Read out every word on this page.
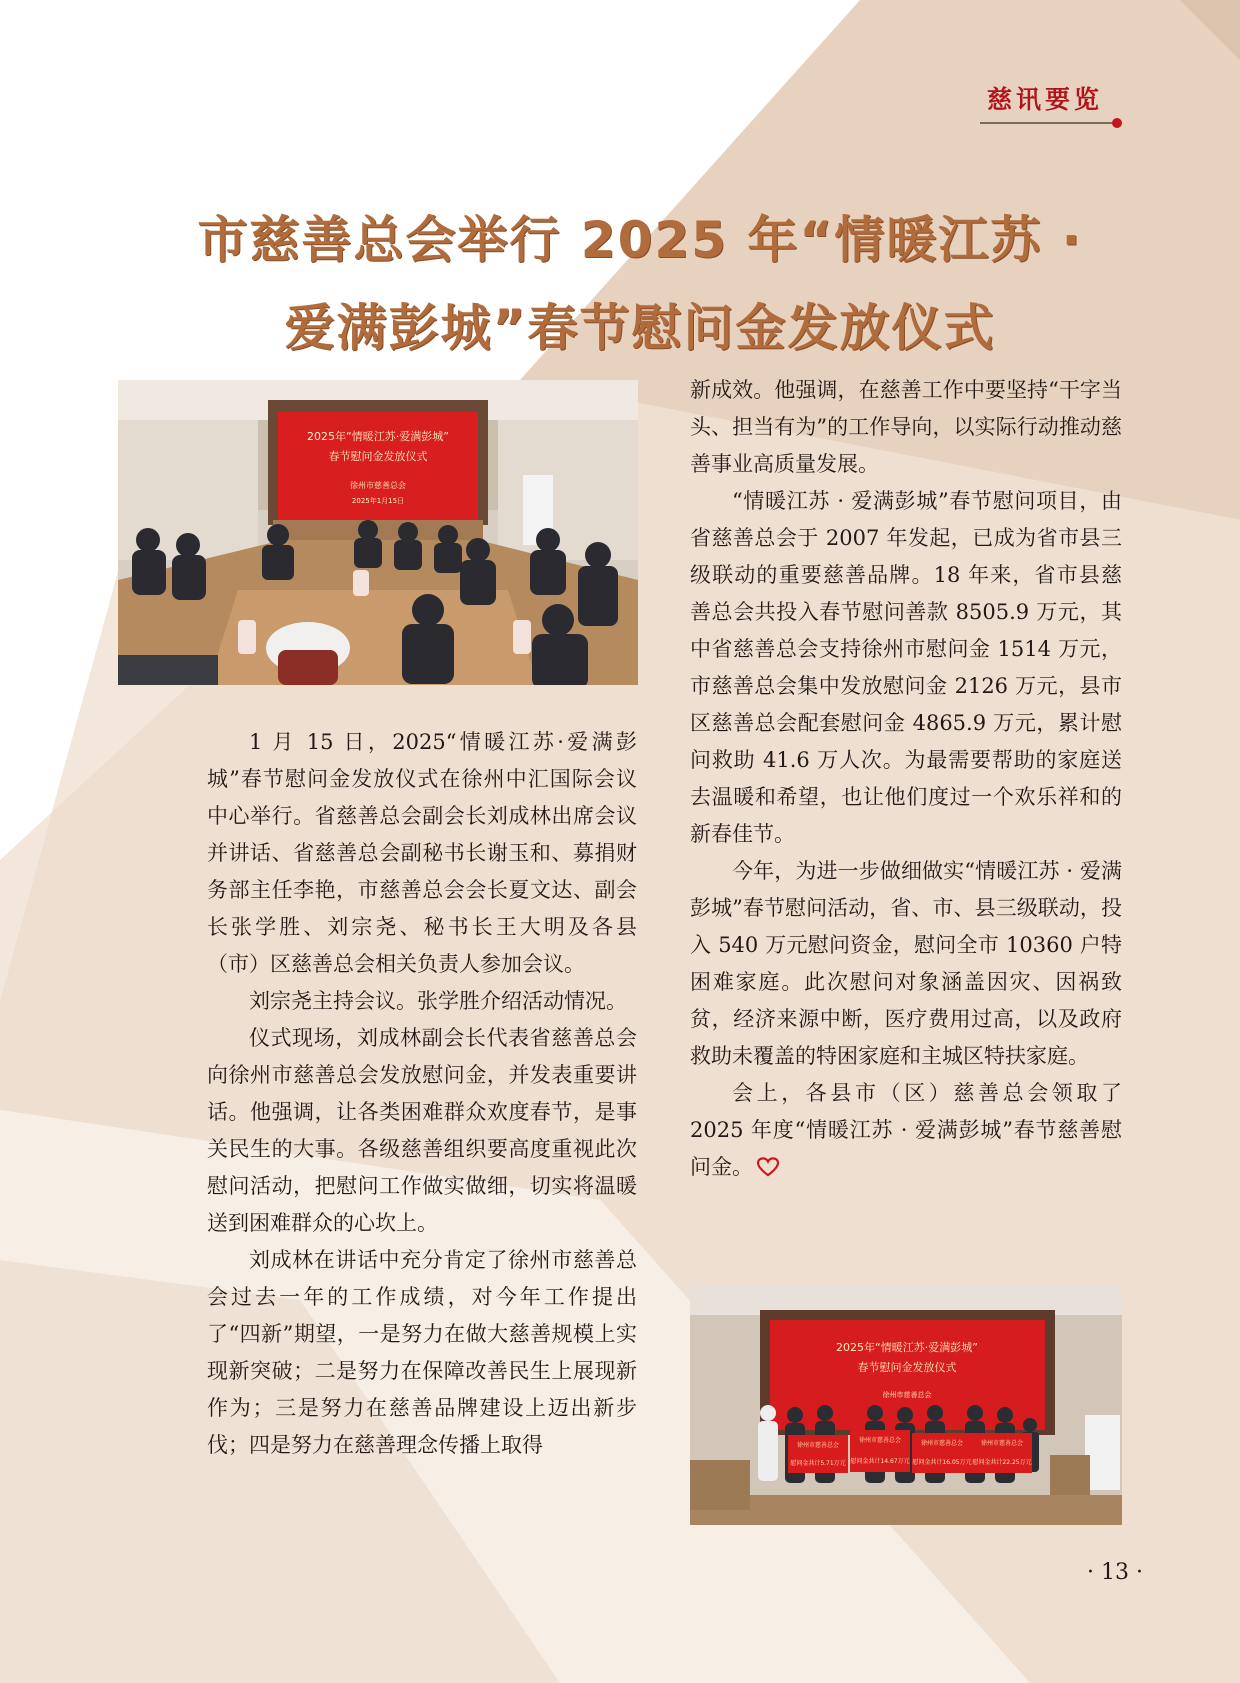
慈讯要览
市慈善总会举行 2025 年“情暖江苏 ·
爱满彭城”春节慰问金发放仪式
2025年“情暖江苏·爱满彭城”
春节慰问金发放仪式
徐州市慈善总会
2025年1月15日
2025年“情暖江苏·爱满彭城”
春节慰问金发放仪式
徐州市慈善总会
徐州市慈善总会
慰问金共计5.71万元
徐州市慈善总会
慰问金共计14.67万元
徐州市慈善总会
慰问金共计16.05万元
徐州市慈善总会
慰问金共计22.25万元

1 月 15 日，2025“情暖江苏·爱满彭城”春节慰问金发放仪式在徐州中汇国际会议中心举行。省慈善总会副会长刘成林出席会议并讲话、省慈善总会副秘书长谢玉和、募捐财务部主任李艳，市慈善总会会长夏文达、副会长张学胜、刘宗尧、秘书长王大明及各县（市）区慈善总会相关负责人参加会议。

刘宗尧主持会议。张学胜介绍活动情况。

仪式现场，刘成林副会长代表省慈善总会向徐州市慈善总会发放慰问金，并发表重要讲话。他强调，让各类困难群众欢度春节，是事关民生的大事。各级慈善组织要高度重视此次慰问活动，把慰问工作做实做细，切实将温暖送到困难群众的心坎上。

刘成林在讲话中充分肯定了徐州市慈善总会过去一年的工作成绩，对今年工作提出了“四新”期望，一是努力在做大慈善规模上实现新突破；二是努力在保障改善民生上展现新作为；三是努力在慈善品牌建设上迈出新步伐；四是努力在慈善理念传播上取得

新成效。他强调，在慈善工作中要坚持“干字当头、担当有为”的工作导向，以实际行动推动慈善事业高质量发展。

“情暖江苏 · 爱满彭城”春节慰问项目，由省慈善总会于 2007 年发起，已成为省市县三级联动的重要慈善品牌。18 年来，省市县慈善总会共投入春节慰问善款 8505.9 万元，其中省慈善总会支持徐州市慰问金 1514 万元，市慈善总会集中发放慰问金 2126 万元，县市区慈善总会配套慰问金 4865.9 万元，累计慰问救助 41.6 万人次。为最需要帮助的家庭送去温暖和希望，也让他们度过一个欢乐祥和的新春佳节。

今年，为进一步做细做实“情暖江苏 · 爱满彭城”春节慰问活动，省、市、县三级联动，投入 540 万元慰问资金，慰问全市 10360 户特困难家庭。此次慰问对象涵盖因灾、因祸致贫，经济来源中断，医疗费用过高，以及政府救助未覆盖的特困家庭和主城区特扶家庭。

会上，各县市（区）慈善总会领取了 2025 年度“情暖江苏 · 爱满彭城”春节慈善慰问金。

· 13 ·
